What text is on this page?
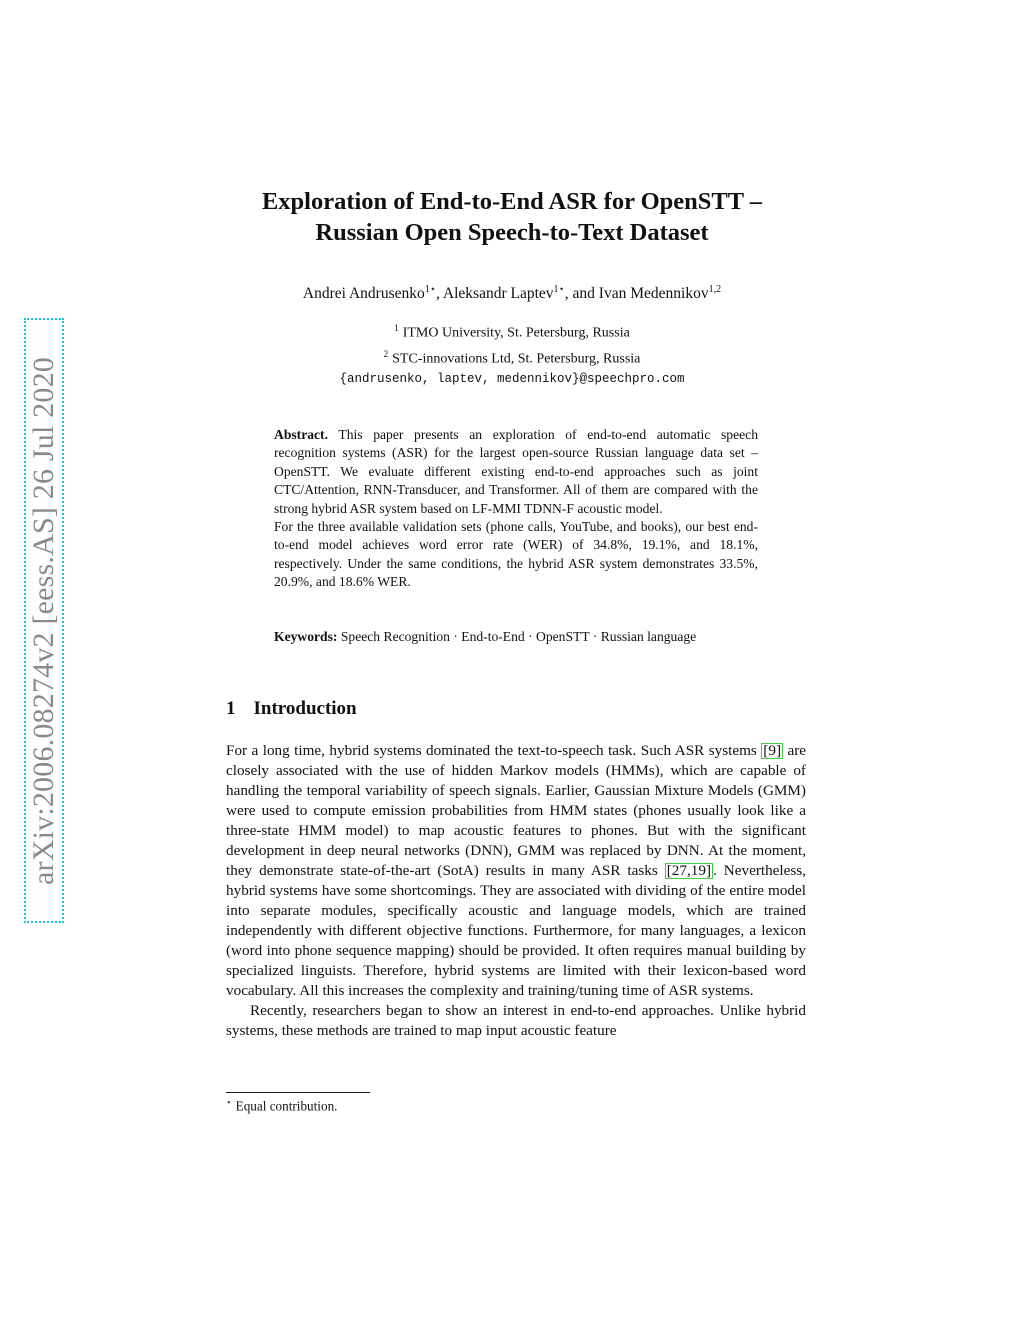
arXiv:2006.08274v2 [eess.AS] 26 Jul 2020
Exploration of End-to-End ASR for OpenSTT –
Russian Open Speech-to-Text Dataset
Andrei Andrusenko$^{1⋆}$, Aleksandr Laptev$^{1⋆}$, and Ivan Medennikov$^{1,2}$
$^1$ ITMO University, St. Petersburg, Russia
$^2$ STC-innovations Ltd, St. Petersburg, Russia
{andrusenko, laptev, medennikov}@speechpro.com

Abstract. This paper presents an exploration of end-to-end automatic speech recognition systems (ASR) for the largest open-source Russian language data set – OpenSTT. We evaluate different existing end-to-end approaches such as joint CTC/Attention, RNN-Transducer, and Transformer. All of them are compared with the strong hybrid ASR system based on LF-MMI TDNN-F acoustic model.

For the three available validation sets (phone calls, YouTube, and books), our best end-to-end model achieves word error rate (WER) of 34.8%, 19.1%, and 18.1%, respectively. Under the same conditions, the hybrid ASR system demonstrates 33.5%, 20.9%, and 18.6% WER.

Keywords: Speech Recognition · End-to-End · OpenSTT · Russian language
1 Introduction

For a long time, hybrid systems dominated the text-to-speech task. Such ASR systems [9] are closely associated with the use of hidden Markov models (HMMs), which are capable of handling the temporal variability of speech signals. Earlier, Gaussian Mixture Models (GMM) were used to compute emission probabilities from HMM states (phones usually look like a three-state HMM model) to map acoustic features to phones. But with the significant development in deep neural networks (DNN), GMM was replaced by DNN. At the moment, they demonstrate state-of-the-art (SotA) results in many ASR tasks [27,19] . Nevertheless, hybrid systems have some shortcomings. They are associated with dividing of the entire model into separate modules, specifically acoustic and language models, which are trained independently with different objective functions. Furthermore, for many languages, a lexicon (word into phone sequence mapping) should be provided. It often requires manual building by specialized linguists. Therefore, hybrid systems are limited with their lexicon-based word vocabulary. All this increases the complexity and training/tuning time of ASR systems.

Recently, researchers began to show an interest in end-to-end approaches. Unlike hybrid systems, these methods are trained to map input acoustic feature

⋆ Equal contribution.
